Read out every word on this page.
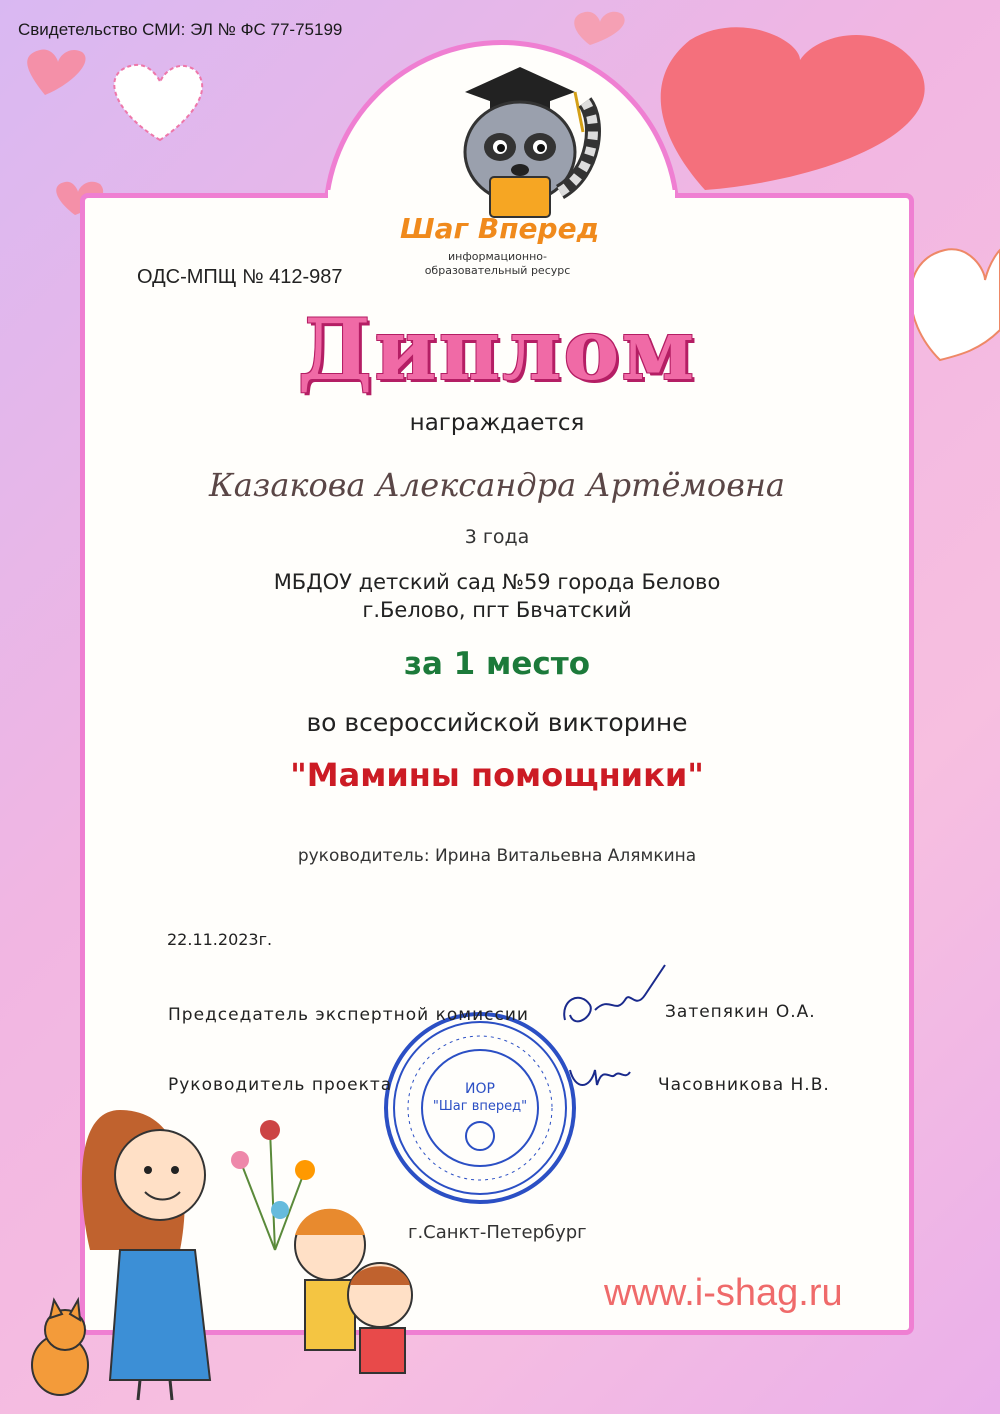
Свидетельство СМИ: ЭЛ № ФС 77-75199
Шаг Вперед
информационно-образовательный ресурс
ОДС-МПЩ № 412-987
Диплом
награждается
Казакова Александра Артёмовна
3 года
МБДОУ детский сад №59 города Белово
г.Белово, пгт Бвчатский
за 1 место
во всероссийской викторине
"Мамины помощники"
руководитель: Ирина Витальевна Алямкина
22.11.2023г.
ИОР
"Шаг вперед"
Председатель экспертной комиссии	Затепякин О.А.
Руководитель проекта	Часовникова Н.В.
г.Санкт-Петербург
www.i-shag.ru
